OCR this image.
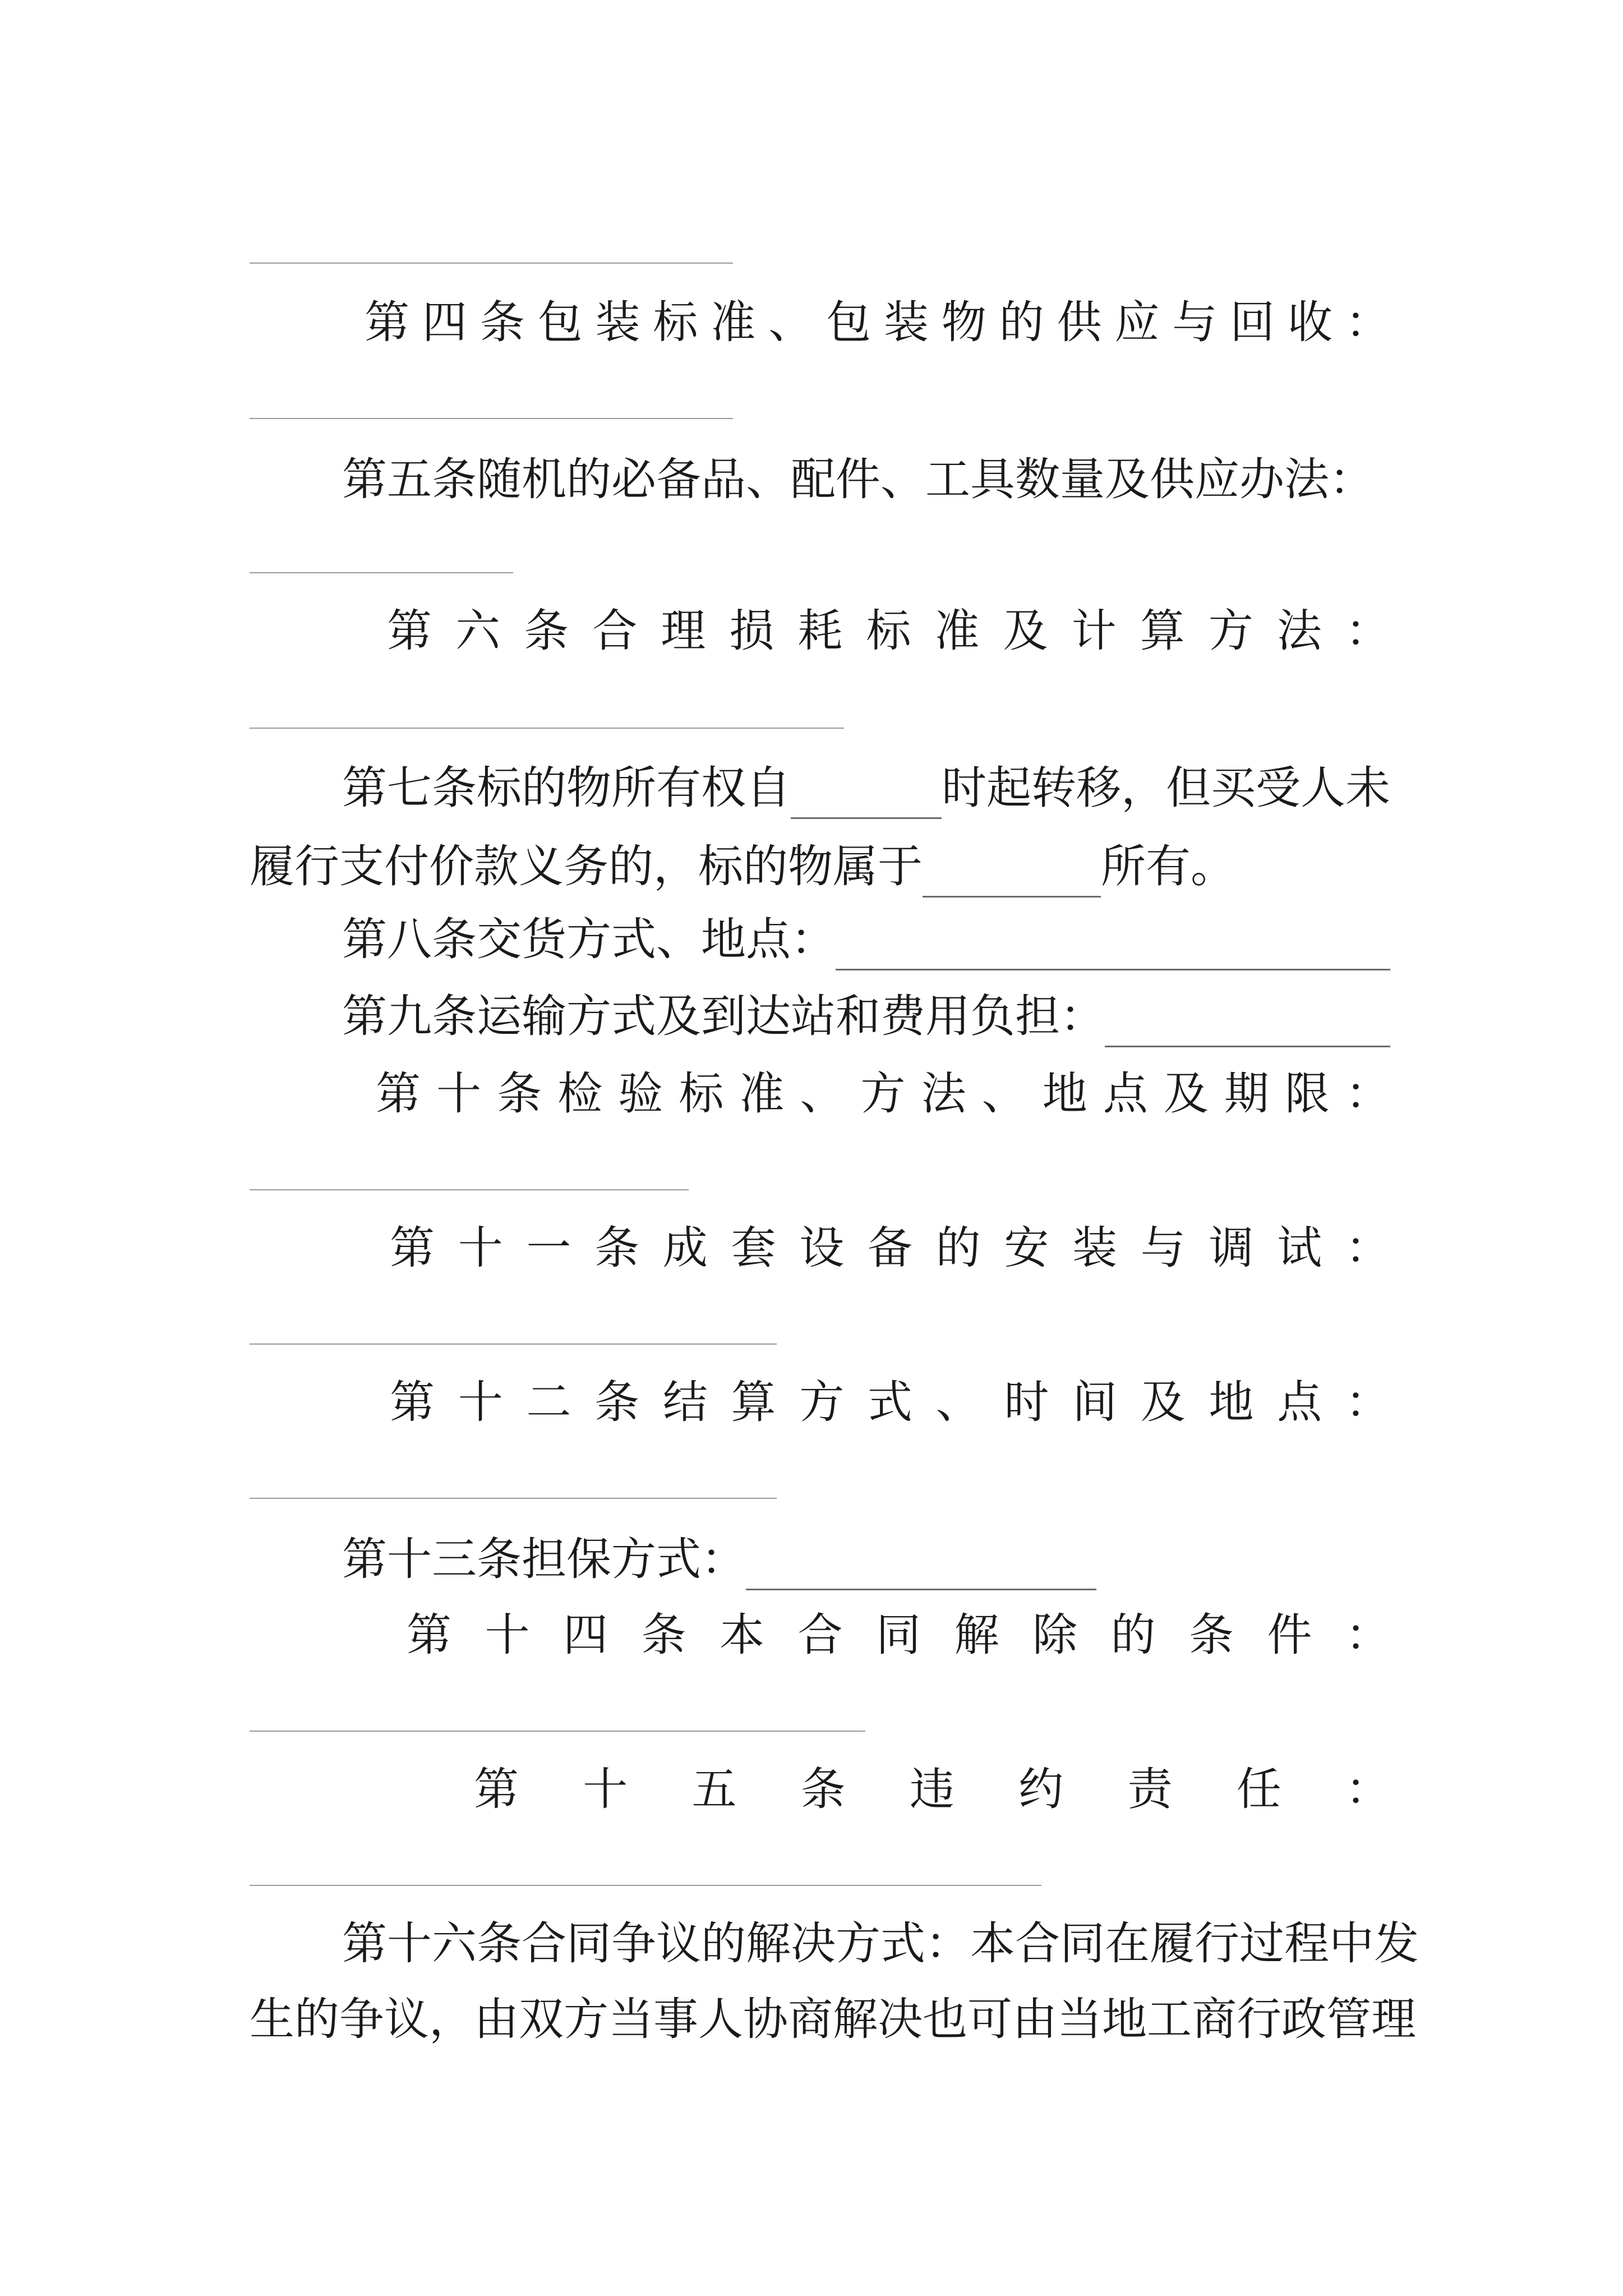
第 四 条 包 装 标 准 、 包 装 物 的 供 应 与 回 收 ：
第五条随机的必备品、配件、工具数量及供应办法：
第 六 条 合 理 损 耗 标 准 及 计 算 方 法 ：
第七条标的物所有权自	时起转移，但买受人未
履行支付价款义务的，标的物属于	所有。
第八条交货方式、地点：
第九条运输方式及到达站和费用负担：
第 十 条 检 验 标 准 、 方 法 、 地 点 及 期 限 ：
第 十 一 条 成 套 设 备 的 安 装 与 调 试 ：
第 十 二 条 结 算 方 式 、 时 间 及 地 点 ：
第十三条担保方式：
第 十 四 条 本 合 同 解 除 的 条 件 ：
第 十 五 条 违 约 责 任 ：
第 十 六 条 合 同 争 议 的 解 决 方 式 ： 本 合 同 在 履 行 过 程 中 发
生 的 争 议 ， 由 双 方 当 事 人 协 商 解 决 也 可 由 当 地 工 商 行 政 管 理
